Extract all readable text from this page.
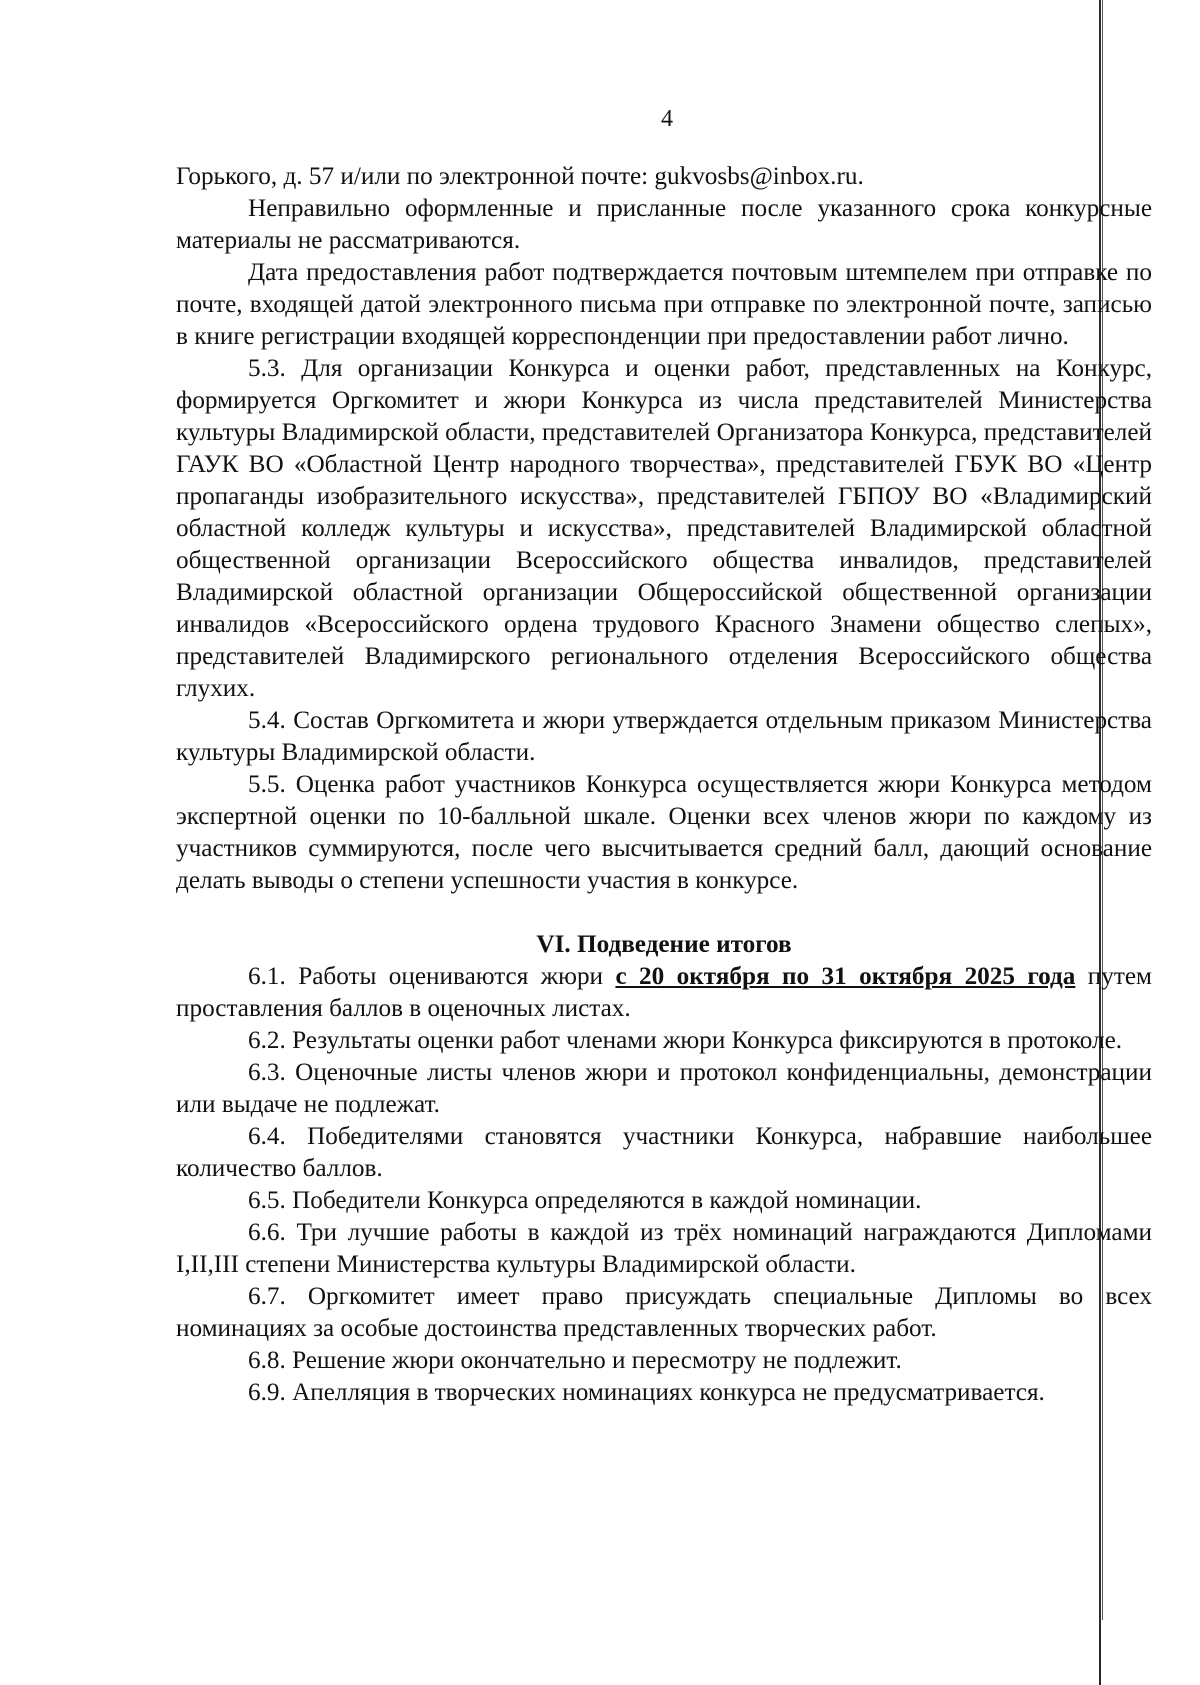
4

Горького, д. 57 и/или по электронной почте: gukvosbs@inbox.ru.

Неправильно оформленные и присланные после указанного срока конкурсные материалы не рассматриваются.

Дата предоставления работ подтверждается почтовым штемпелем при отправке по почте, входящей датой электронного письма при отправке по электронной почте, записью в книге регистрации входящей корреспонденции при предоставлении работ лично.

5.3. Для организации Конкурса и оценки работ, представленных на Конкурс, формируется Оргкомитет и жюри Конкурса из числа представителей Министерства культуры Владимирской области, представителей Организатора Конкурса, представителей ГАУК ВО «Областной Центр народного творчества», представителей ГБУК ВО «Центр пропаганды изобразительного искусства», представителей ГБПОУ ВО «Владимирский областной колледж культуры и искусства», представителей Владимирской областной общественной организации Всероссийского общества инвалидов, представителей Владимирской областной организации Общероссийской общественной организации инвалидов «Всероссийского ордена трудового Красного Знамени общество слепых», представителей Владимирского регионального отделения Всероссийского общества глухих.

5.4. Состав Оргкомитета и жюри утверждается отдельным приказом Министерства культуры Владимирской области.

5.5. Оценка работ участников Конкурса осуществляется жюри Конкурса методом экспертной оценки по 10-балльной шкале. Оценки всех членов жюри по каждому из участников суммируются, после чего высчитывается средний балл, дающий основание делать выводы о степени успешности участия в конкурсе.

VI. Подведение итогов

6.1. Работы оцениваются жюри с 20 октября по 31 октября 2025 года путем проставления баллов в оценочных листах.

6.2. Результаты оценки работ членами жюри Конкурса фиксируются в протоколе.

6.3. Оценочные листы членов жюри и протокол конфиденциальны, демонстрации или выдаче не подлежат.

6.4. Победителями становятся участники Конкурса, набравшие наибольшее количество баллов.

6.5. Победители Конкурса определяются в каждой номинации.

6.6. Три лучшие работы в каждой из трёх номинаций награждаются Дипломами I,II,III степени Министерства культуры Владимирской области.

6.7. Оргкомитет имеет право присуждать специальные Дипломы во всех номинациях за особые достоинства представленных творческих работ.

6.8. Решение жюри окончательно и пересмотру не подлежит.

6.9. Апелляция в творческих номинациях конкурса не предусматривается.
